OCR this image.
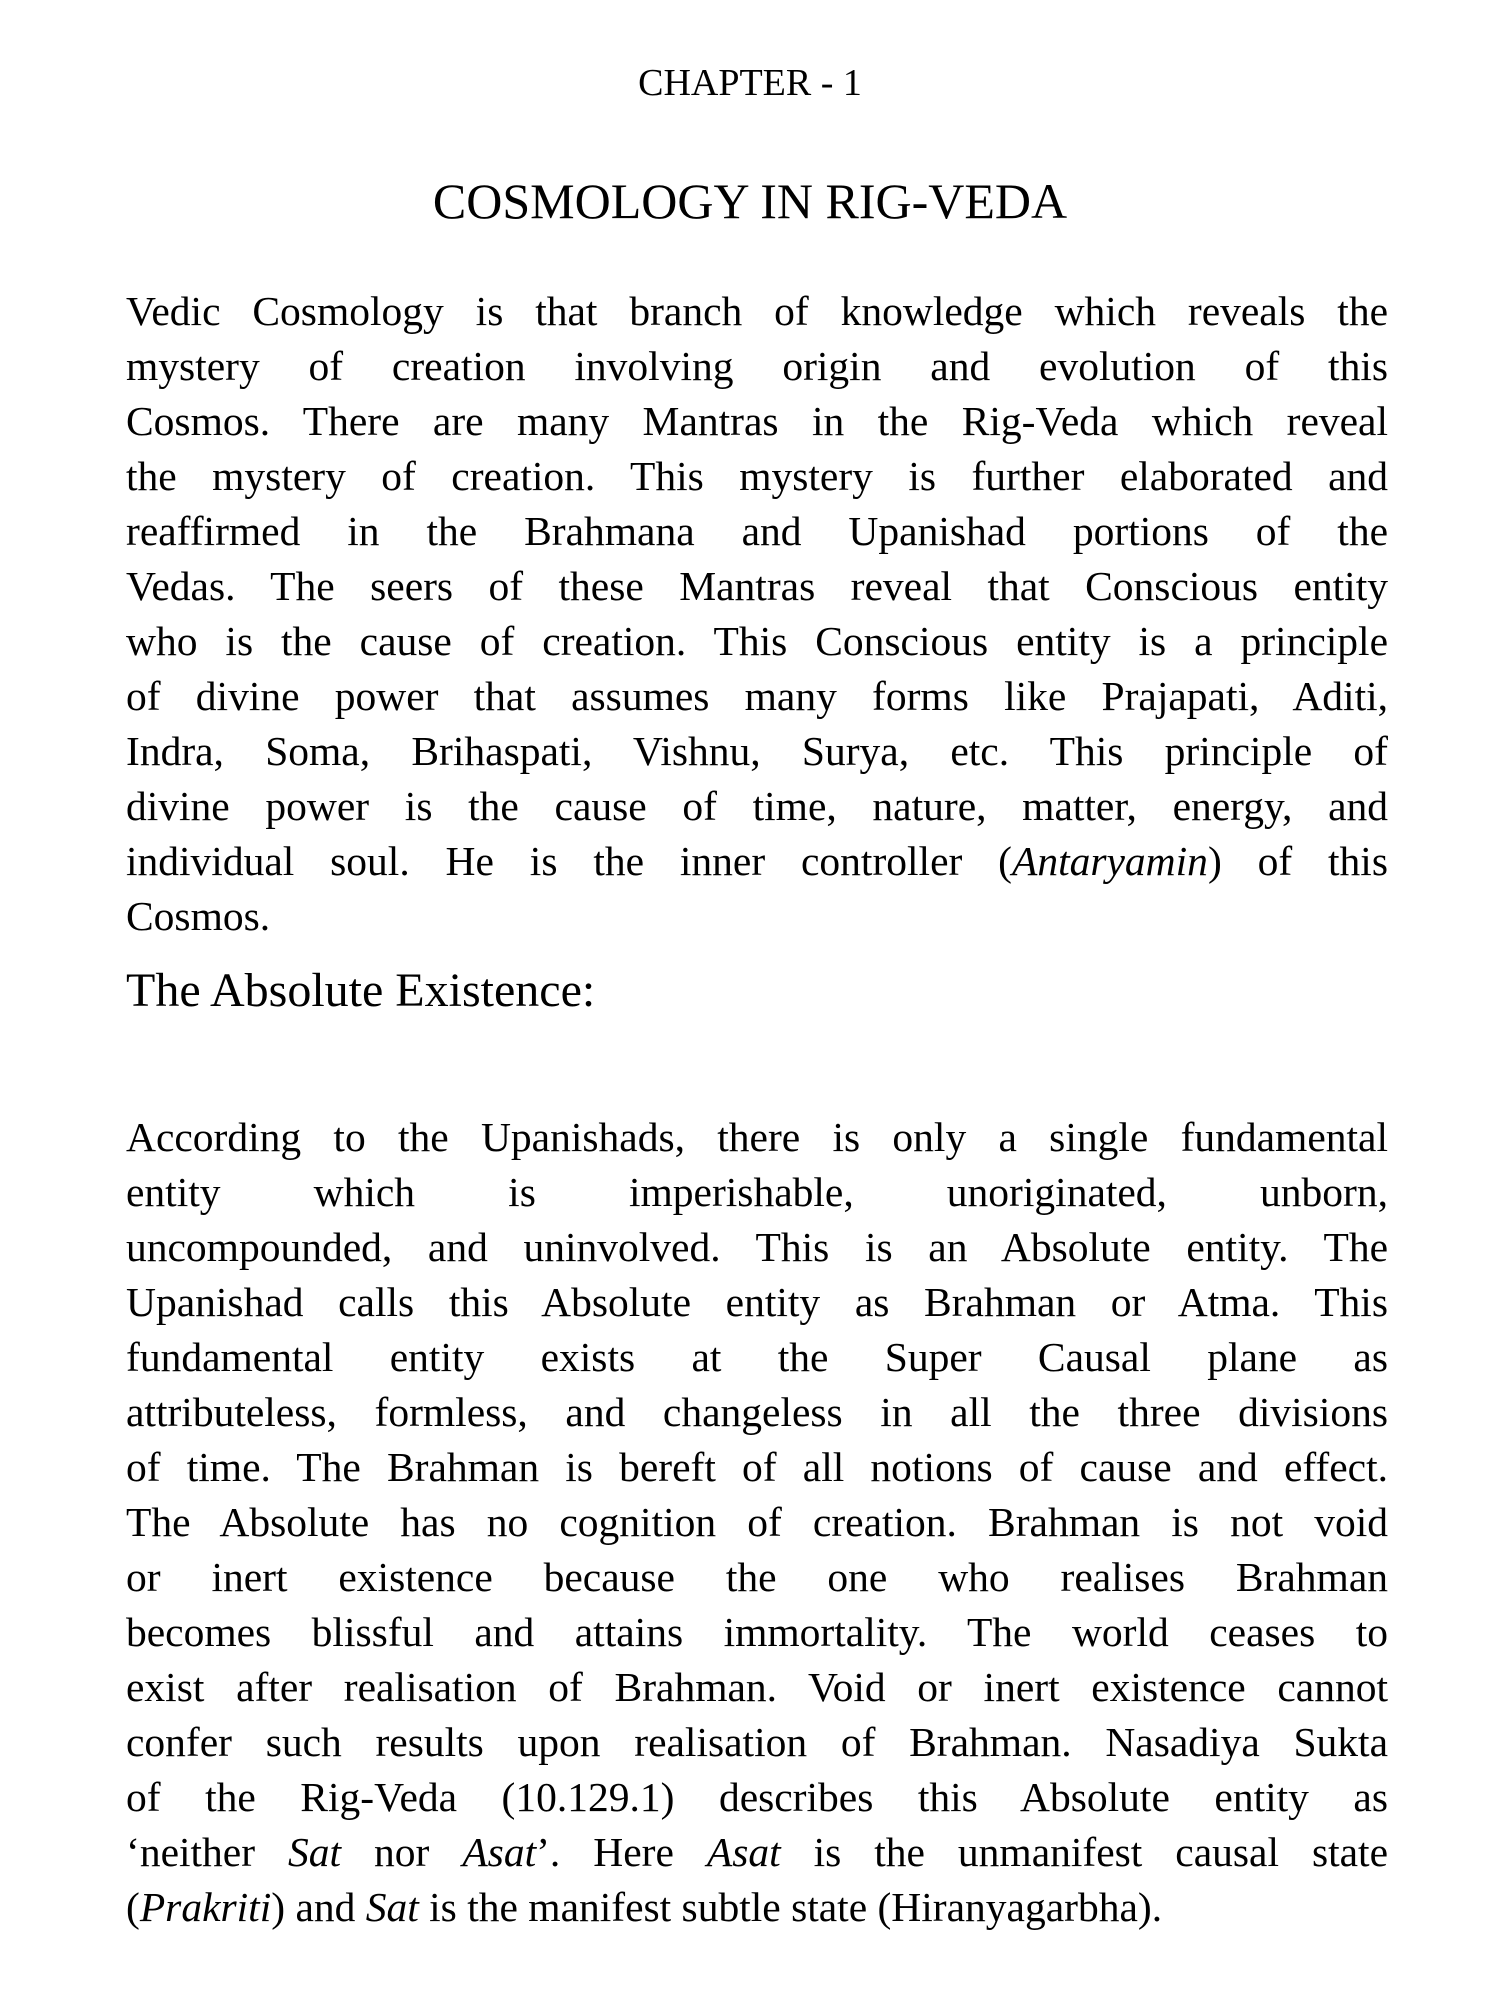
CHAPTER - 1
COSMOLOGY IN RIG-VEDA
Vedic Cosmology is that branch of knowledge which reveals the
mystery of creation involving origin and evolution of this
Cosmos. There are many Mantras in the Rig-Veda which reveal
the mystery of creation. This mystery is further elaborated and
reaffirmed in the Brahmana and Upanishad portions of the
Vedas. The seers of these Mantras reveal that Conscious entity
who is the cause of creation. This Conscious entity is a principle
of divine power that assumes many forms like Prajapati, Aditi,
Indra, Soma, Brihaspati, Vishnu, Surya, etc. This principle of
divine power is the cause of time, nature, matter, energy, and
individual soul. He is the inner controller (Antaryamin) of this
Cosmos.
The Absolute Existence:
According to the Upanishads, there is only a single fundamental
entity which is imperishable, unoriginated, unborn,
uncompounded, and uninvolved. This is an Absolute entity. The
Upanishad calls this Absolute entity as Brahman or Atma. This
fundamental entity exists at the Super Causal plane as
attributeless, formless, and changeless in all the three divisions
of time. The Brahman is bereft of all notions of cause and effect.
The Absolute has no cognition of creation. Brahman is not void
or inert existence because the one who realises Brahman
becomes blissful and attains immortality. The world ceases to
exist after realisation of Brahman. Void or inert existence cannot
confer such results upon realisation of Brahman. Nasadiya Sukta
of the Rig-Veda (10.129.1) describes this Absolute entity as
‘neither Sat nor Asat’. Here Asat is the unmanifest causal state
(Prakriti) and Sat is the manifest subtle state (Hiranyagarbha).
